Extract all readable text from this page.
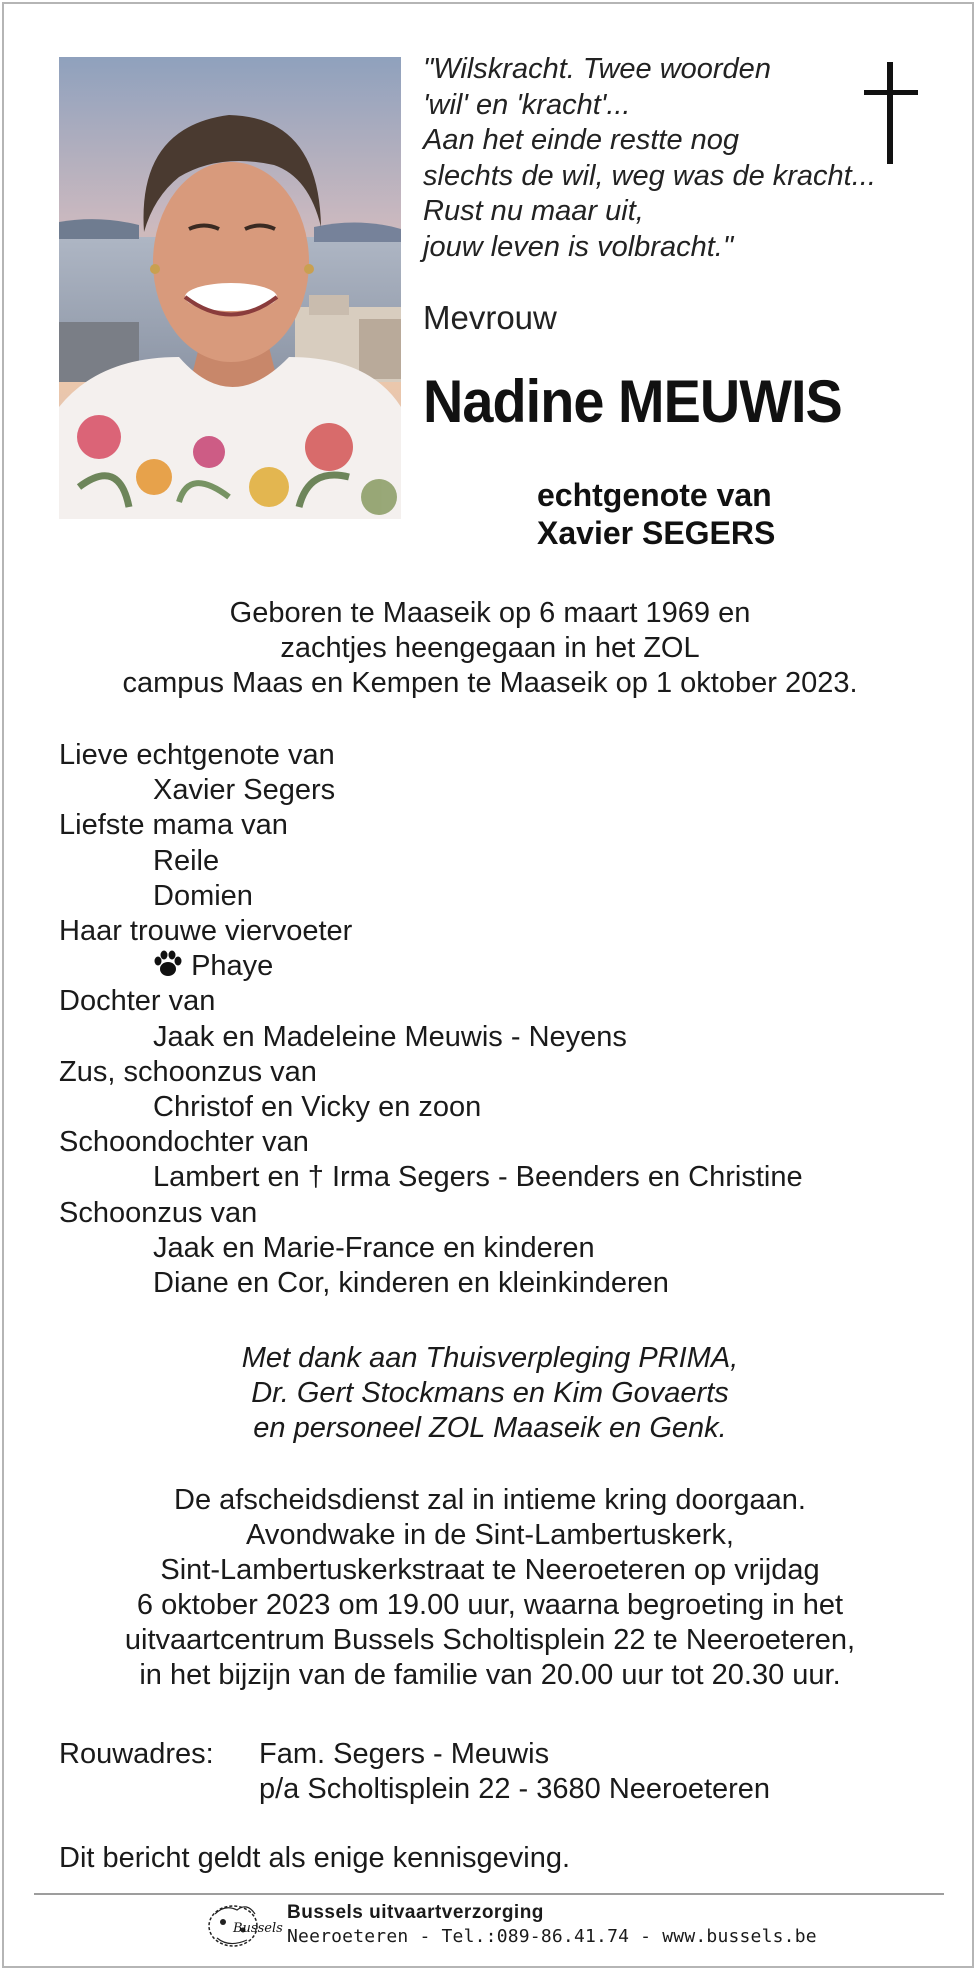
"Wilskracht. Twee woorden
'wil' en 'kracht'...
Aan het einde restte nog
slechts de wil, weg was de kracht...
Rust nu maar uit,
jouw leven is volbracht."
Mevrouw
Nadine MEUWIS
echtgenote van
Xavier SEGERS
Geboren te Maaseik op 6 maart 1969 en
zachtjes heengegaan in het ZOL
campus Maas en Kempen te Maaseik op 1 oktober 2023.
Lieve echtgenote van
Xavier Segers
Liefste mama van
Reile
Domien
Haar trouwe viervoeter
Phaye
Dochter van
Jaak en Madeleine Meuwis - Neyens
Zus, schoonzus van
Christof en Vicky en zoon
Schoondochter van
Lambert en † Irma Segers - Beenders en Christine
Schoonzus van
Jaak en Marie-France en kinderen
Diane en Cor, kinderen en kleinkinderen
Met dank aan Thuisverpleging PRIMA,
Dr. Gert Stockmans en Kim Govaerts
en personeel ZOL Maaseik en Genk.
De afscheidsdienst zal in intieme kring doorgaan.
Avondwake in de Sint-Lambertuskerk,
Sint-Lambertuskerkstraat te Neeroeteren op vrijdag
6 oktober 2023 om 19.00 uur, waarna begroeting in het
uitvaartcentrum Bussels Scholtisplein 22 te Neeroeteren,
in het bijzijn van de familie van 20.00 uur tot 20.30 uur.
Rouwadres: Fam. Segers - Meuwis
p/a Scholtisplein 22 - 3680 Neeroeteren
Dit bericht geldt als enige kennisgeving.
Bussels
Bussels uitvaartverzorging
Neeroeteren - Tel.:089-86.41.74 - www.bussels.be
